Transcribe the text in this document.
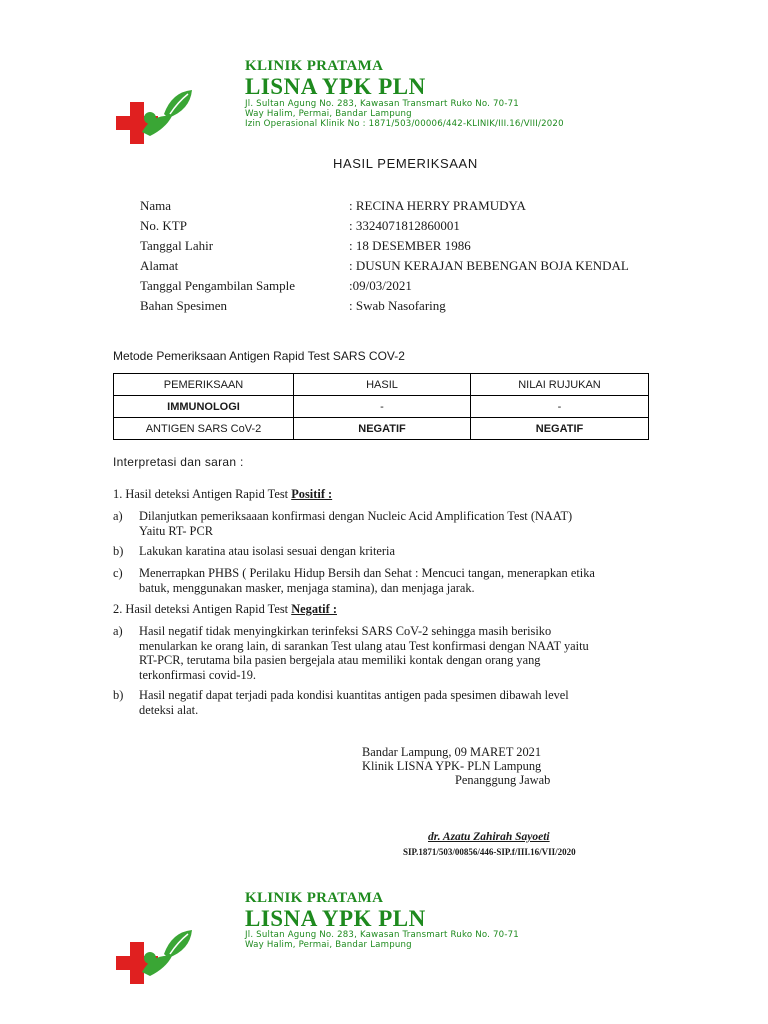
KLINIK PRATAMA
LISNA YPK PLN
Jl. Sultan Agung No. 283, Kawasan Transmart Ruko No. 70-71
Way Halim, Permai, Bandar Lampung
Izin Operasional Klinik No : 1871/503/00006/442-KLINIK/III.16/VIII/2020
HASIL PEMERIKSAAN
Nama	: RECINA HERRY PRAMUDYA
No. KTP	: 3324071812860001
Tanggal Lahir	: 18 DESEMBER 1986
Alamat	: DUSUN KERAJAN BEBENGAN BOJA KENDAL
Tanggal Pengambilan Sample	:09/03/2021
Bahan Spesimen	: Swab Nasofaring
Metode Pemeriksaan Antigen Rapid Test SARS COV-2
PEMERIKSAAN	HASIL	NILAI RUJUKAN
IMMUNOLOGI	-	-
ANTIGEN SARS CoV-2	NEGATIF	NEGATIF
Interpretasi dan saran :
1. Hasil deteksi Antigen Rapid Test Positif :
a) Dilanjutkan pemeriksaaan konfirmasi dengan Nucleic Acid Amplification Test (NAAT)
Yaitu RT- PCR
b) Lakukan karatina atau isolasi sesuai dengan kriteria
c) Menerrapkan PHBS ( Perilaku Hidup Bersih dan Sehat : Mencuci tangan, menerapkan etika
batuk, menggunakan masker, menjaga stamina), dan menjaga jarak.
2. Hasil deteksi Antigen Rapid Test Negatif :
a) Hasil negatif tidak menyingkirkan terinfeksi SARS CoV-2 sehingga masih berisiko
menularkan ke orang lain, di sarankan Test ulang atau Test konfirmasi dengan NAAT yaitu
RT-PCR, terutama bila pasien bergejala atau memiliki kontak dengan orang yang
terkonfirmasi covid-19.
b) Hasil negatif dapat terjadi pada kondisi kuantitas antigen pada spesimen dibawah level
deteksi alat.
Bandar Lampung, 09 MARET 2021
Klinik LISNA YPK- PLN Lampung
Penanggung Jawab
dr. Azatu Zahirah Sayoeti
SIP.1871/503/00856/446-SIP.f/III.16/VII/2020
KLINIK PRATAMA
LISNA YPK PLN
Jl. Sultan Agung No. 283, Kawasan Transmart Ruko No. 70-71
Way Halim, Permai, Bandar Lampung
